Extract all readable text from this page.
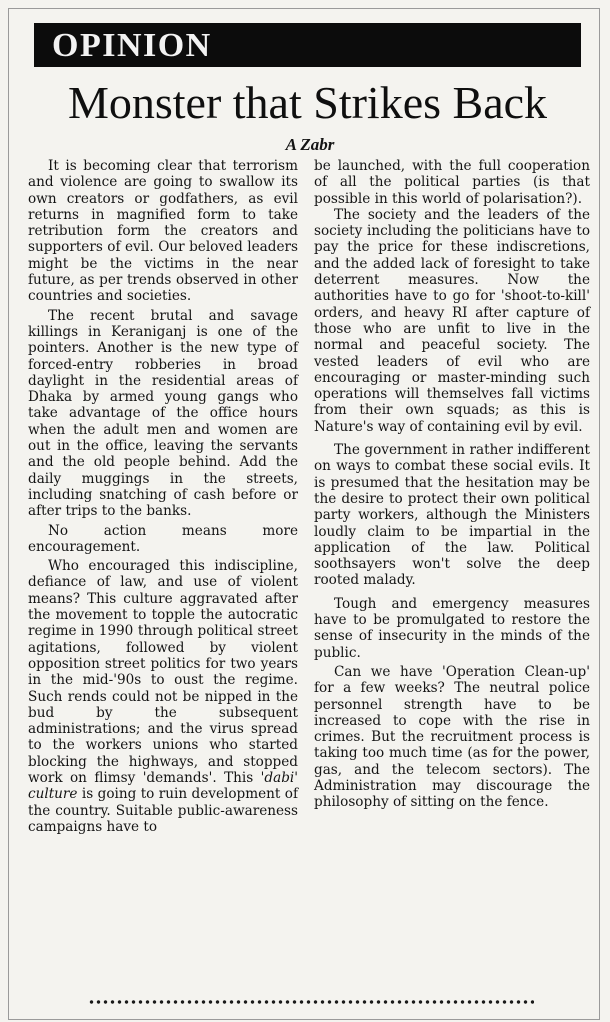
OPINION
Monster that Strikes Back
A Zabr

It is becoming clear that terrorism and violence are going to swallow its own creators or godfathers, as evil returns in magnified form to take retribution form the creators and supporters of evil. Our beloved leaders might be the victims in the near future, as per trends observed in other countries and societies.

The recent brutal and savage killings in Keraniganj is one of the pointers. Another is the new type of forced-entry robberies in broad daylight in the residential areas of Dhaka by armed young gangs who take advantage of the office hours when the adult men and women are out in the office, leaving the servants and the old people behind. Add the daily muggings in the streets, including snatching of cash before or after trips to the banks.

No action means more encouragement.

Who encouraged this indiscipline, defiance of law, and use of violent means? This culture aggravated after the movement to topple the autocratic regime in 1990 through political street agitations, followed by violent opposition street politics for two years in the mid-'90s to oust the regime. Such rends could not be nipped in the bud by the subsequent administrations; and the virus spread to the workers unions who started blocking the highways, and stopped work on flimsy 'demands'. This 'dabi' culture is going to ruin development of the country. Suitable public-awareness campaigns have to

be launched, with the full cooperation of all the political parties (is that possible in this world of polarisation?).

The society and the leaders of the society including the politicians have to pay the price for these indiscretions, and the added lack of foresight to take deterrent measures. Now the authorities have to go for 'shoot-to-kill' orders, and heavy RI after capture of those who are unfit to live in the normal and peaceful society. The vested leaders of evil who are encouraging or master-minding such operations will themselves fall victims from their own squads; as this is Nature's way of containing evil by evil.

The government in rather indifferent on ways to combat these social evils. It is presumed that the hesitation may be the desire to protect their own political party workers, although the Ministers loudly claim to be impartial in the application of the law. Political soothsayers won't solve the deep rooted malady.

Tough and emergency measures have to be promulgated to restore the sense of insecurity in the minds of the public.

Can we have 'Operation Clean-up' for a few weeks? The neutral police personnel strength have to be increased to cope with the rise in crimes. But the recruitment process is taking too much time (as for the power, gas, and the telecom sectors). The Administration may discourage the philosophy of sitting on the fence.
